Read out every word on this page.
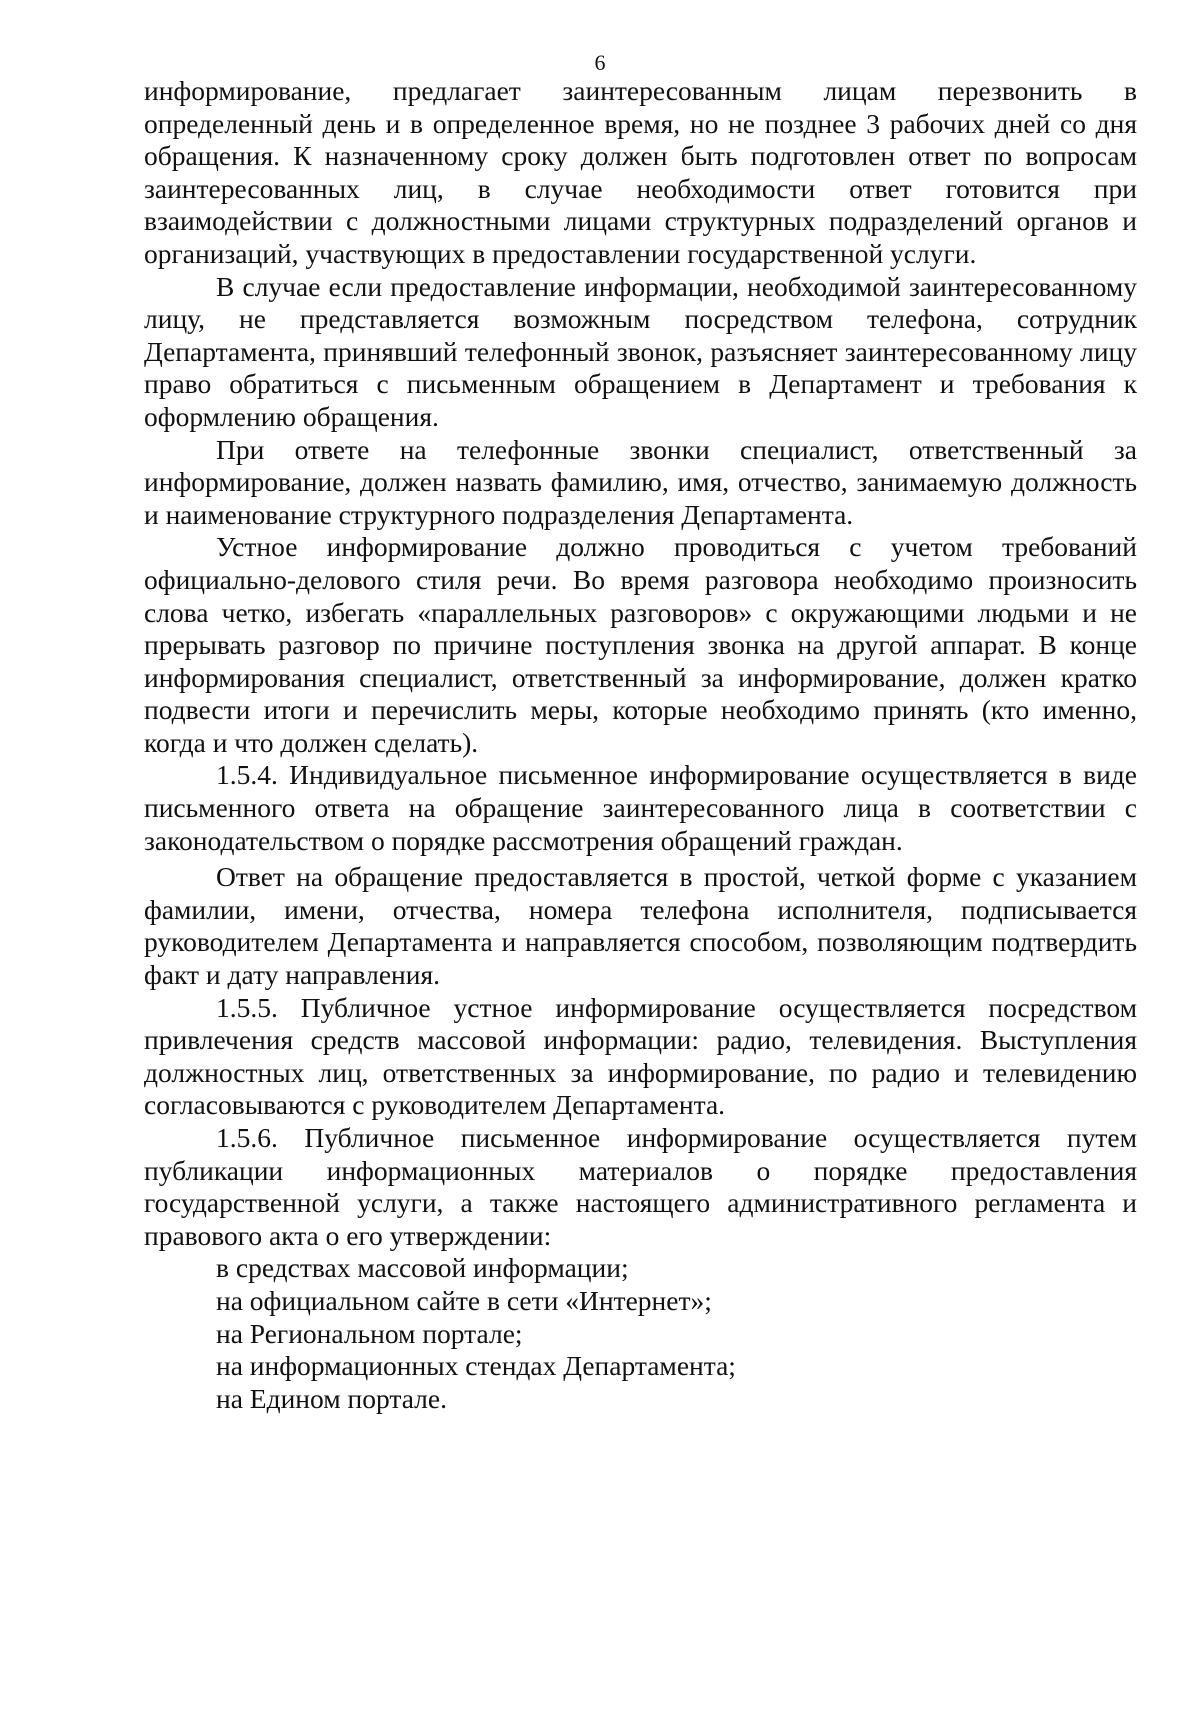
6

информирование, предлагает заинтересованным лицам перезвонить в определенный день и в определенное время, но не позднее 3 рабочих дней со дня обращения. К назначенному сроку должен быть подготовлен ответ по вопросам заинтересованных лиц, в случае необходимости ответ готовится при взаимодействии с должностными лицами структурных подразделений органов и организаций, участвующих в предоставлении государственной услуги.

В случае если предоставление информации, необходимой заинтересованному лицу, не представляется возможным посредством телефона, сотрудник Департамента, принявший телефонный звонок, разъясняет заинтересованному лицу право обратиться с письменным обращением в Департамент и требования к оформлению обращения.

При ответе на телефонные звонки специалист, ответственный за информирование, должен назвать фамилию, имя, отчество, занимаемую должность и наименование структурного подразделения Департамента.

Устное информирование должно проводиться с учетом требований официально-делового стиля речи. Во время разговора необходимо произносить слова четко, избегать «параллельных разговоров» с окружающими людьми и не прерывать разговор по причине поступления звонка на другой аппарат. В конце информирования специалист, ответственный за информирование, должен кратко подвести итоги и перечислить меры, которые необходимо принять (кто именно, когда и что должен сделать).

1.5.4. Индивидуальное письменное информирование осуществляется в виде письменного ответа на обращение заинтересованного лица в соответствии с законодательством о порядке рассмотрения обращений граждан.

Ответ на обращение предоставляется в простой, четкой форме с указанием фамилии, имени, отчества, номера телефона исполнителя, подписывается руководителем Департамента и направляется способом, позволяющим подтвердить факт и дату направления.

1.5.5. Публичное устное информирование осуществляется посредством привлечения средств массовой информации: радио, телевидения. Выступления должностных лиц, ответственных за информирование, по радио и телевидению согласовываются с руководителем Департамента.

1.5.6. Публичное письменное информирование осуществляется путем публикации информационных материалов о порядке предоставления государственной услуги, а также настоящего административного регламента и правового акта о его утверждении:

в средствах массовой информации;

на официальном сайте в сети «Интернет»;

на Региональном портале;

на информационных стендах Департамента;

на Едином портале.
